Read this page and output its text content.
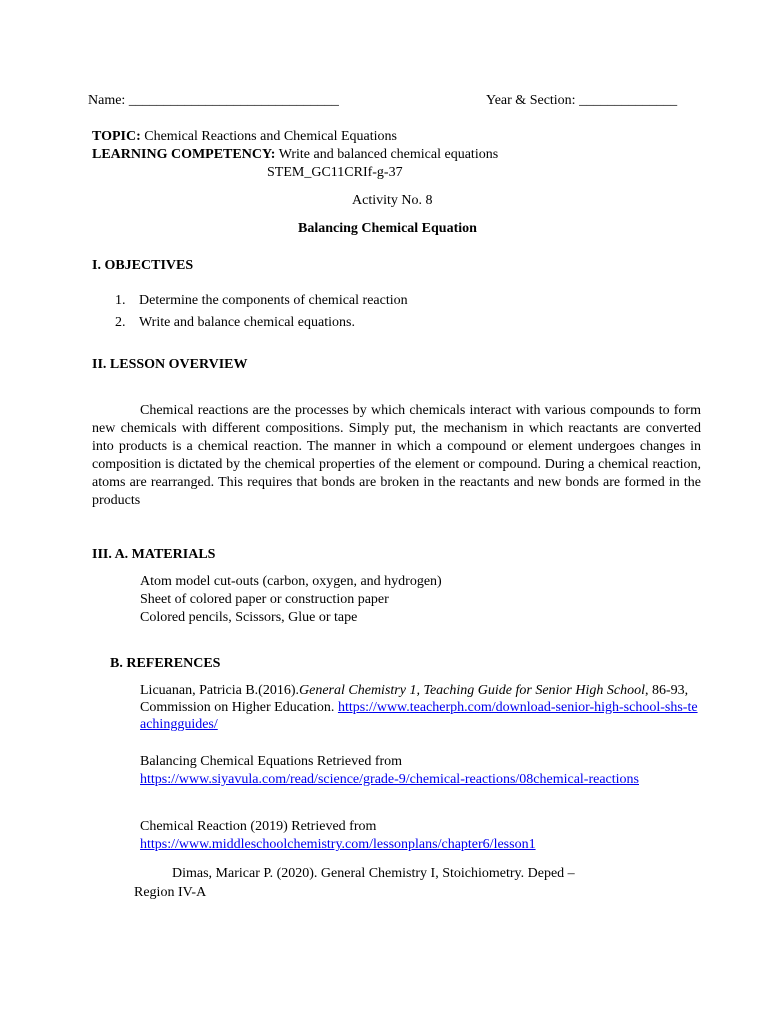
Name: ______________________________	Year & Section: ______________
TOPIC: Chemical Reactions and Chemical Equations
LEARNING COMPETENCY: Write and balanced chemical equations
STEM_GC11CRIf-g-37
Activity No. 8
Balancing Chemical Equation
I. OBJECTIVES
1. Determine the components of chemical reaction
2. Write and balance chemical equations.
II. LESSON OVERVIEW
Chemical reactions are the processes by which chemicals interact with various compounds to form new chemicals with different compositions. Simply put, the mechanism in which reactants are converted into products is a chemical reaction. The manner in which a compound or element undergoes changes in composition is dictated by the chemical properties of the element or compound. During a chemical reaction, atoms are rearranged. This requires that bonds are broken in the reactants and new bonds are formed in the products
III. A. MATERIALS
Atom model cut-outs (carbon, oxygen, and hydrogen)
Sheet of colored paper or construction paper
Colored pencils, Scissors, Glue or tape
B. REFERENCES
Licuanan, Patricia B.(2016).General Chemistry 1, Teaching Guide for Senior High School, 86-93, Commission on Higher Education. https://www.teacherph.com/download-senior-high-school-shs-teachingguides/
Balancing Chemical Equations Retrieved from
https://www.siyavula.com/read/science/grade-9/chemical-reactions/08chemical-reactions
Chemical Reaction (2019) Retrieved from
https://www.middleschoolchemistry.com/lessonplans/chapter6/lesson1
Dimas, Maricar P. (2020). General Chemistry I, Stoichiometry. Deped –
Region IV-A
